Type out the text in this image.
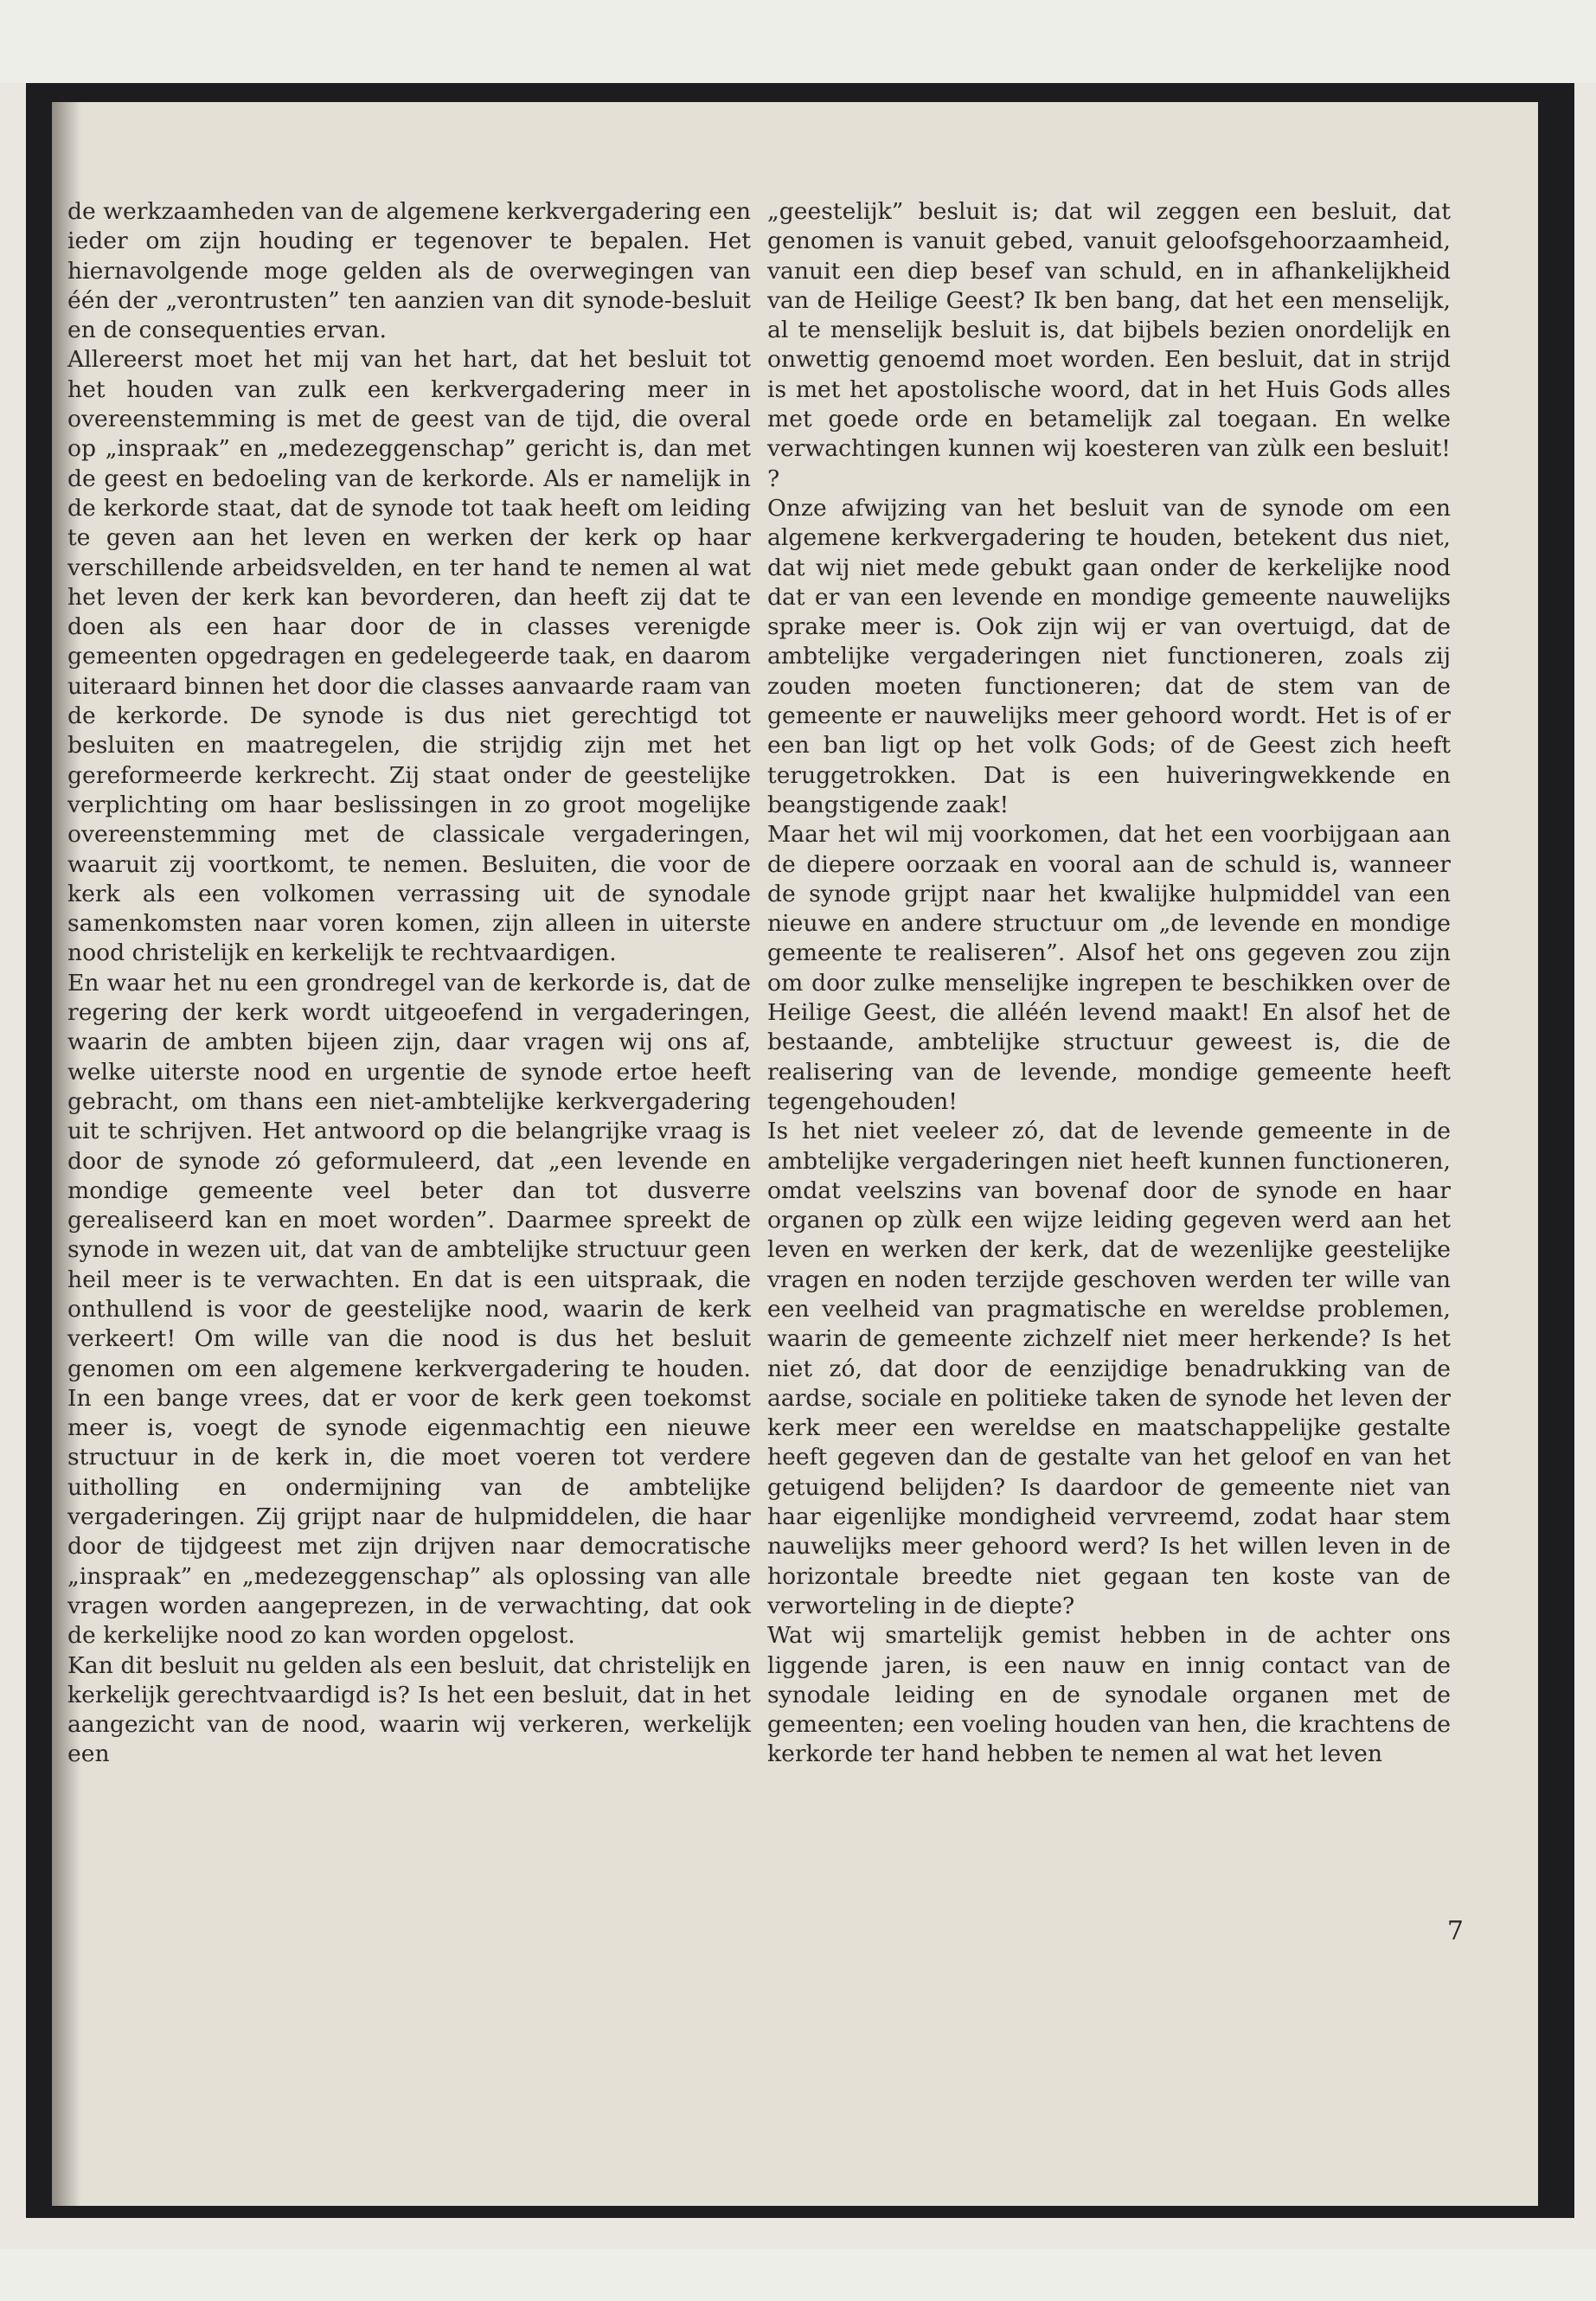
de werkzaamheden van de algemene kerkvergadering een ieder om zijn houding er tegenover te bepalen. Het hiernavolgende moge gelden als de overwegingen van één der „verontrusten” ten aanzien van dit synode-besluit en de consequenties ervan.

Allereerst moet het mij van het hart, dat het besluit tot het houden van zulk een kerkvergadering meer in overeenstemming is met de geest van de tijd, die overal op „inspraak” en „medezeggenschap” gericht is, dan met de geest en bedoeling van de kerkorde. Als er namelijk in de kerkorde staat, dat de synode tot taak heeft om leiding te geven aan het leven en werken der kerk op haar verschillende arbeidsvelden, en ter hand te nemen al wat het leven der kerk kan bevorderen, dan heeft zij dat te doen als een haar door de in classes verenigde gemeenten opgedragen en gedelegeerde taak, en daarom uiteraard binnen het door die classes aanvaarde raam van de kerkorde. De synode is dus niet gerechtigd tot besluiten en maatregelen, die strijdig zijn met het gereformeerde kerkrecht. Zij staat onder de geestelijke verplichting om haar beslissingen in zo groot mogelijke overeenstemming met de classicale vergaderingen, waaruit zij voortkomt, te nemen. Besluiten, die voor de kerk als een volkomen verrassing uit de synodale samenkomsten naar voren komen, zijn alleen in uiterste nood christelijk en kerkelijk te rechtvaardigen.

En waar het nu een grondregel van de kerkorde is, dat de regering der kerk wordt uitgeoefend in vergaderingen, waarin de ambten bijeen zijn, daar vragen wij ons af, welke uiterste nood en urgentie de synode ertoe heeft gebracht, om thans een niet-ambtelijke kerkvergadering uit te schrijven. Het antwoord op die belangrijke vraag is door de synode zó geformuleerd, dat „een levende en mondige gemeente veel beter dan tot dusverre gerealiseerd kan en moet worden”. Daarmee spreekt de synode in wezen uit, dat van de ambtelijke structuur geen heil meer is te verwachten. En dat is een uitspraak, die onthullend is voor de geestelijke nood, waarin de kerk verkeert! Om wille van die nood is dus het besluit genomen om een algemene kerkvergadering te houden. In een bange vrees, dat er voor de kerk geen toekomst meer is, voegt de synode eigenmachtig een nieuwe structuur in de kerk in, die moet voeren tot verdere uitholling en ondermijning van de ambtelijke vergaderingen. Zij grijpt naar de hulpmiddelen, die haar door de tijdgeest met zijn drijven naar democratische „inspraak” en „medezeggenschap” als oplossing van alle vragen worden aangeprezen, in de verwachting, dat ook de kerkelijke nood zo kan worden opgelost.

Kan dit besluit nu gelden als een besluit, dat christelijk en kerkelijk gerechtvaardigd is? Is het een besluit, dat in het aangezicht van de nood, waarin wij verkeren, werkelijk een

„geestelijk” besluit is; dat wil zeggen een besluit, dat genomen is vanuit gebed, vanuit geloofsgehoorzaamheid, vanuit een diep besef van schuld, en in afhankelijkheid van de Heilige Geest? Ik ben bang, dat het een menselijk, al te menselijk besluit is, dat bijbels bezien onordelijk en onwettig genoemd moet worden. Een besluit, dat in strijd is met het apostolische woord, dat in het Huis Gods alles met goede orde en betamelijk zal toegaan. En welke verwachtingen kunnen wij koesteren van zùlk een besluit! ?

Onze afwijzing van het besluit van de synode om een algemene kerkvergadering te houden, betekent dus niet, dat wij niet mede gebukt gaan onder de kerkelijke nood dat er van een levende en mondige gemeente nauwelijks sprake meer is. Ook zijn wij er van overtuigd, dat de ambtelijke vergaderingen niet functioneren, zoals zij zouden moeten functioneren; dat de stem van de gemeente er nauwelijks meer gehoord wordt. Het is of er een ban ligt op het volk Gods; of de Geest zich heeft teruggetrokken. Dat is een huiveringwekkende en beangstigende zaak!

Maar het wil mij voorkomen, dat het een voorbijgaan aan de diepere oorzaak en vooral aan de schuld is, wanneer de synode grijpt naar het kwalijke hulpmiddel van een nieuwe en andere structuur om „de levende en mondige gemeente te realiseren”. Alsof het ons gegeven zou zijn om door zulke menselijke ingrepen te beschikken over de Heilige Geest, die alléén levend maakt! En alsof het de bestaande, ambtelijke structuur geweest is, die de realisering van de levende, mondige gemeente heeft tegengehouden!

Is het niet veeleer zó, dat de levende gemeente in de ambtelijke vergaderingen niet heeft kunnen functioneren, omdat veelszins van bovenaf door de synode en haar organen op zùlk een wijze leiding gegeven werd aan het leven en werken der kerk, dat de wezenlijke geestelijke vragen en noden terzijde geschoven werden ter wille van een veelheid van pragmatische en wereldse problemen, waarin de gemeente zichzelf niet meer herkende? Is het niet zó, dat door de eenzijdige benadrukking van de aardse, sociale en politieke taken de synode het leven der kerk meer een wereldse en maatschappelijke gestalte heeft gegeven dan de gestalte van het geloof en van het getuigend belijden? Is daardoor de gemeente niet van haar eigenlijke mondigheid vervreemd, zodat haar stem nauwelijks meer gehoord werd? Is het willen leven in de horizontale breedte niet gegaan ten koste van de verworteling in de diepte?

Wat wij smartelijk gemist hebben in de achter ons liggende jaren, is een nauw en innig contact van de synodale leiding en de synodale organen met de gemeenten; een voeling houden van hen, die krachtens de kerkorde ter hand hebben te nemen al wat het leven

7
